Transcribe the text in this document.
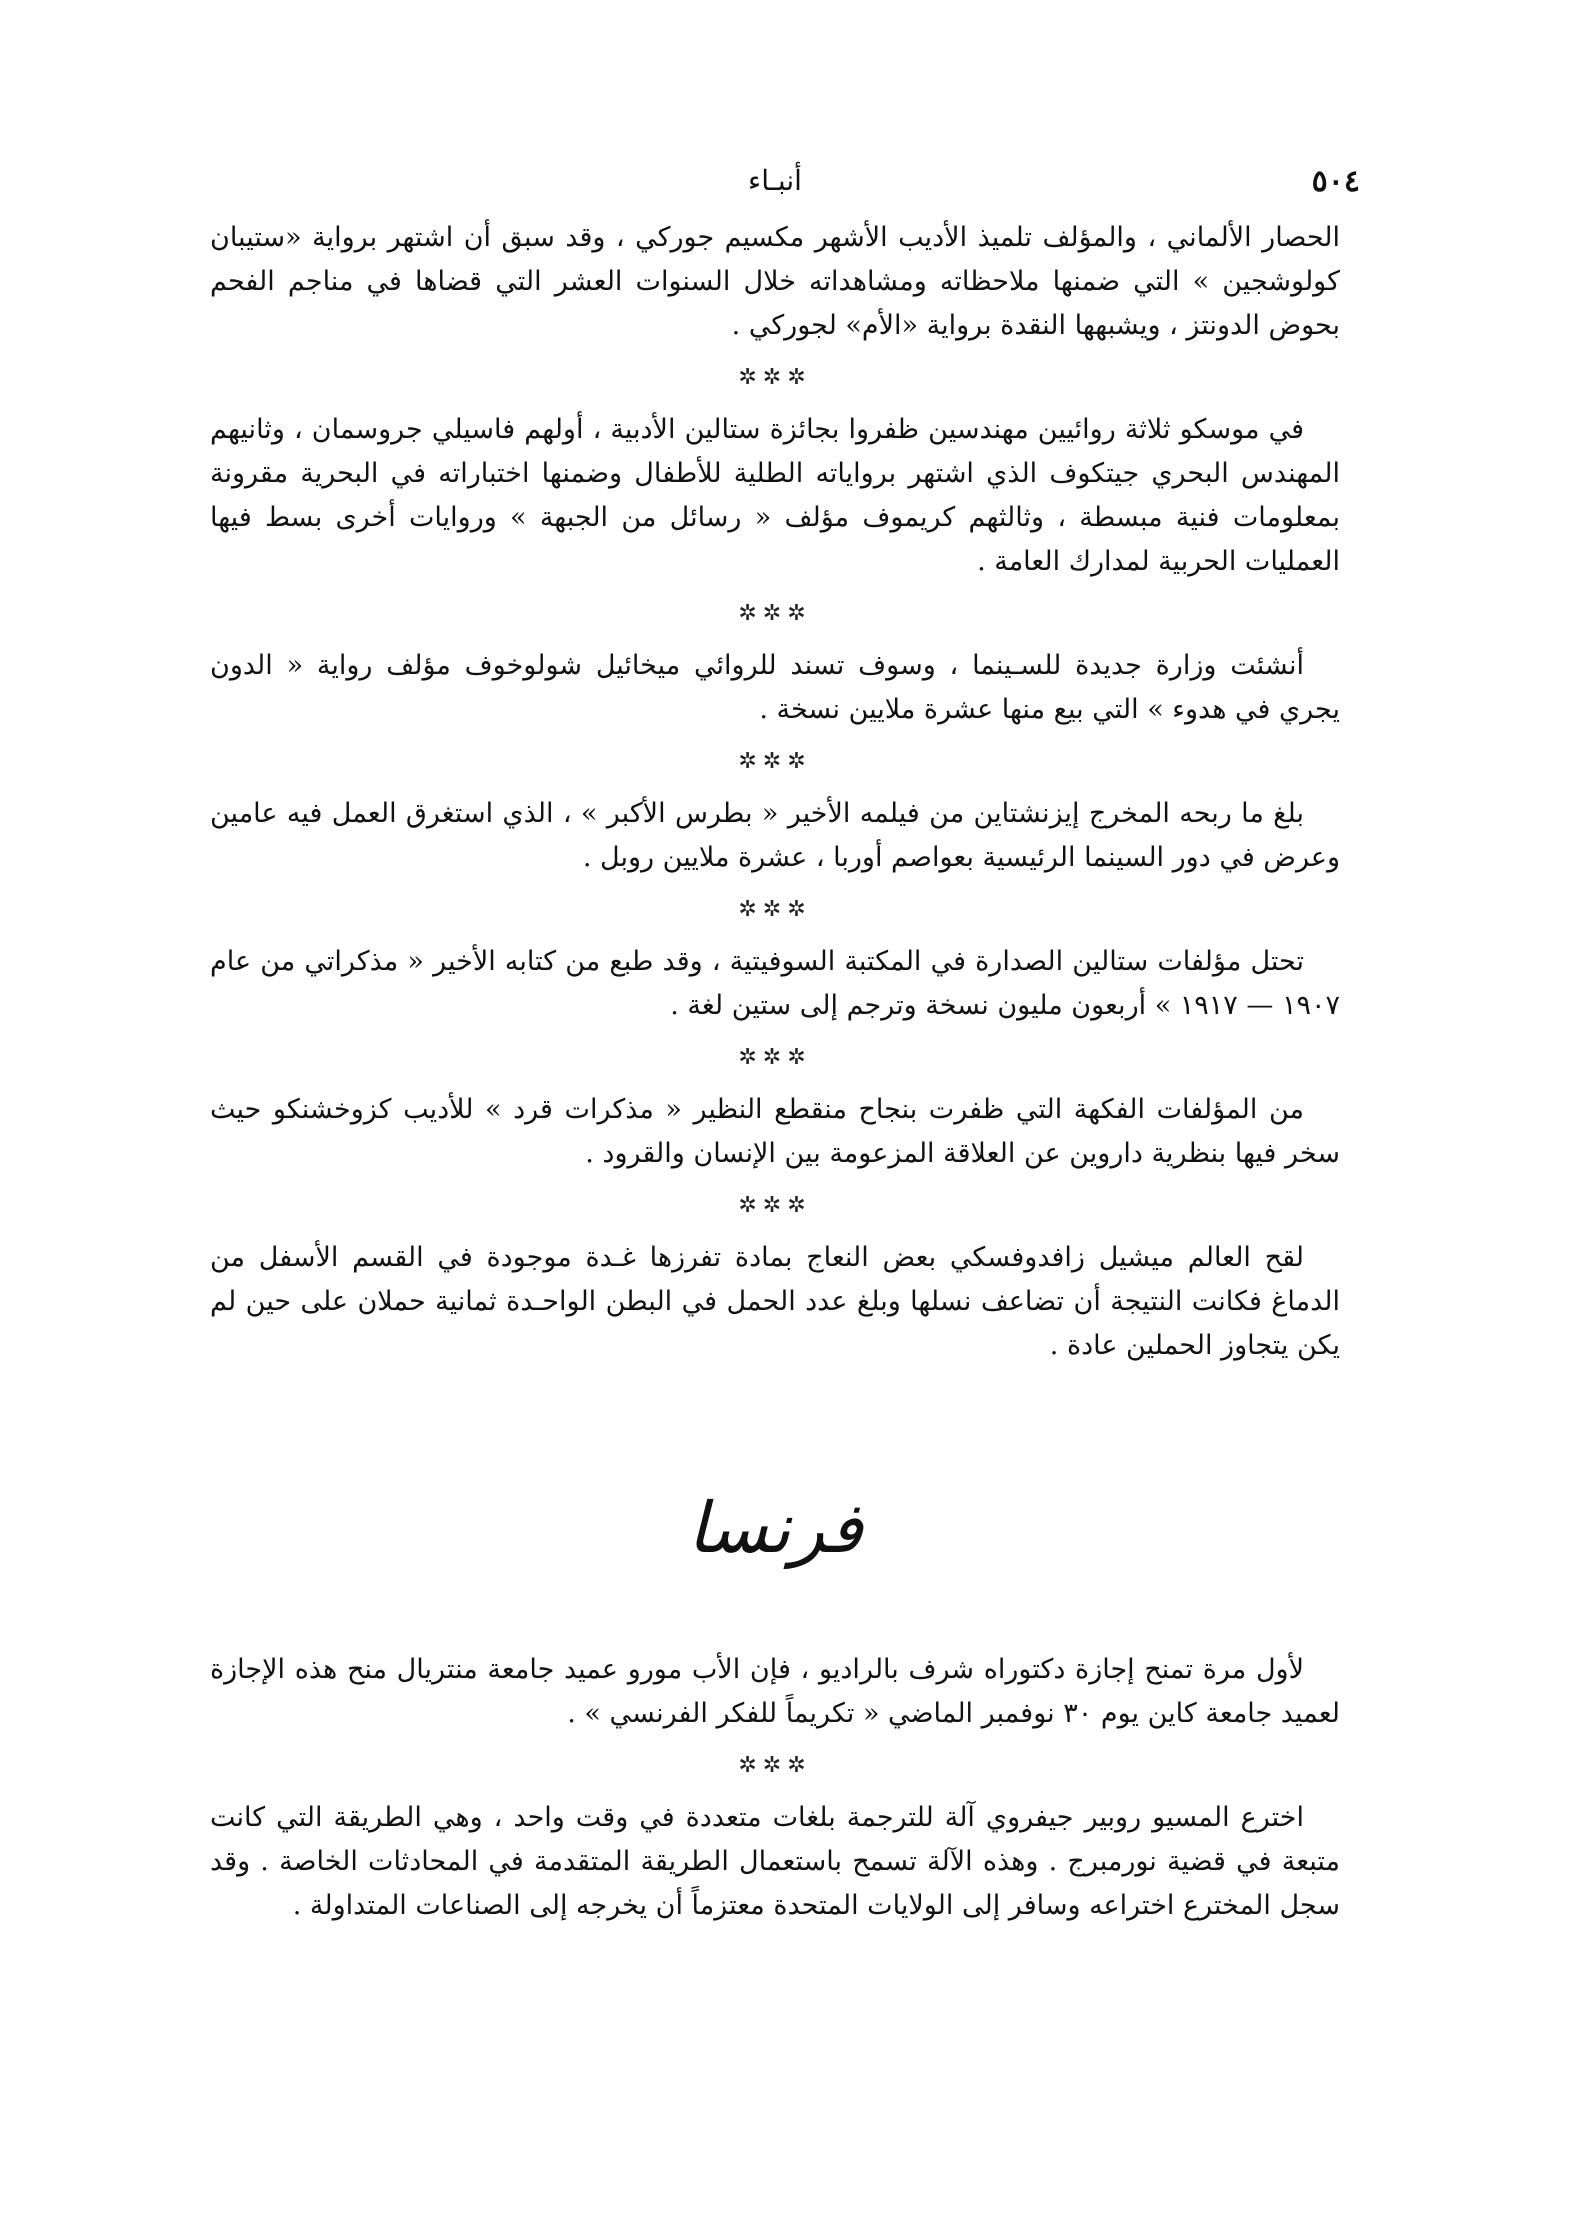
٥٠٤
أنبـاء

الحصار الألماني ، والمؤلف تلميذ الأديب الأشهر مكسيم جوركي ، وقد سبق أن اشتهر برواية «ستيبان كولوشجين » التي ضمنها ملاحظاته ومشاهداته خلال السنوات العشر التي قضاها في مناجم الفحم بحوض الدونتز ، ويشبهها النقدة برواية «الأم» لجوركي .

✲✲✲

في موسكو ثلاثة روائيين مهندسين ظفروا بجائزة ستالين الأدبية ، أولهم فاسيلي جروسمان ، وثانيهم المهندس البحري جيتكوف الذي اشتهر برواياته الطلية للأطفال وضمنها اختباراته في البحرية مقرونة بمعلومات فنية مبسطة ، وثالثهم كريموف مؤلف « رسائل من الجبهة » وروايات أخرى بسط فيها العمليات الحربية لمدارك العامة .

✲✲✲

أنشئت وزارة جديدة للسـينما ، وسوف تسند للروائي ميخائيل شولوخوف مؤلف رواية « الدون يجري في هدوء » التي بيع منها عشرة ملايين نسخة .

✲✲✲

بلغ ما ربحه المخرج إيزنشتاين من فيلمه الأخير « بطرس الأكبر » ، الذي استغرق العمل فيه عامين وعرض في دور السينما الرئيسية بعواصم أوربا ، عشرة ملايين روبل .

✲✲✲

تحتل مؤلفات ستالين الصدارة في المكتبة السوفيتية ، وقد طبع من كتابه الأخير « مذكراتي من عام ١٩٠٧ — ١٩١٧ » أربعون مليون نسخة وترجم إلى ستين لغة .

✲✲✲

من المؤلفات الفكهة التي ظفرت بنجاح منقطع النظير « مذكرات قرد » للأديب كزوخشنكو حيث سخر فيها بنظرية داروين عن العلاقة المزعومة بين الإنسان والقرود .

✲✲✲

لقح العالم ميشيل زافدوفسكي بعض النعاج بمادة تفرزها غـدة موجودة في القسم الأسفل من الدماغ فكانت النتيجة أن تضاعف نسلها وبلغ عدد الحمل في البطن الواحـدة ثمانية حملان على حين لم يكن يتجاوز الحملين عادة .

فرنسا

لأول مرة تمنح إجازة دكتوراه شرف بالراديو ، فإن الأب مورو عميد جامعة منتريال منح هذه الإجازة لعميد جامعة كاين يوم ٣٠ نوفمبر الماضي « تكريماً للفكر الفرنسي » .

✲✲✲

اخترع المسيو روبير جيفروي آلة للترجمة بلغات متعددة في وقت واحد ، وهي الطريقة التي كانت متبعة في قضية نورمبرج . وهذه الآلة تسمح باستعمال الطريقة المتقدمة في المحادثات الخاصة . وقد سجل المخترع اختراعه وسافر إلى الولايات المتحدة معتزماً أن يخرجه إلى الصناعات المتداولة .
